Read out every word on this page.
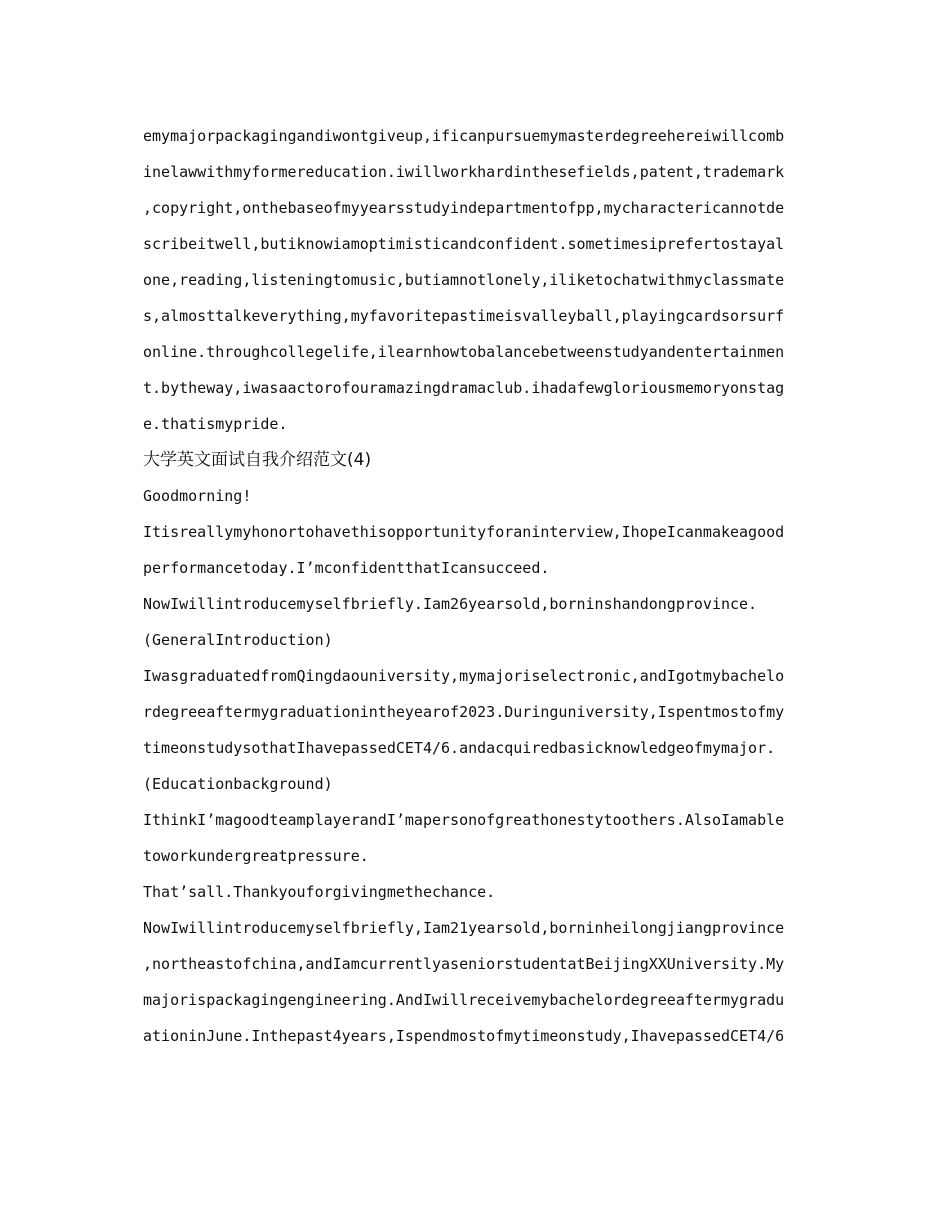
emymajorpackagingandiwontgiveup,ificanpursuemymasterdegreehereiwillcomb
inelawwithmyformereducation.iwillworkhardinthesefields,patent,trademark
,copyright,onthebaseofmyyearsstudyindepartmentofpp,mycharactericannotde
scribeitwell,butiknowiamoptimisticandconfident.sometimesiprefertostayal
one,reading,listeningtomusic,butiamnotlonely,iliketochatwithmyclassmate
s,almosttalkeverything,myfavoritepastimeisvalleyball,playingcardsorsurf
online.throughcollegelife,ilearnhowtobalancebetweenstudyandentertainmen
t.bytheway,iwasaactorofouramazingdramaclub.ihadafewgloriousmemoryonstag
e.thatismypride.
大学英文面试自我介绍范文(4)
Goodmorning!
Itisreallymyhonortohavethisopportunityforaninterview,IhopeIcanmakeagood
performancetoday.I’mconfidentthatIcansucceed.
NowIwillintroducemyselfbriefly.Iam26yearsold,borninshandongprovince.
(GeneralIntroduction)
IwasgraduatedfromQingdaouniversity,mymajoriselectronic,andIgotmybachelo
rdegreeaftermygraduationintheyearof2023.Duringuniversity,Ispentmostofmy
timeonstudysothatIhavepassedCET4/6.andacquiredbasicknowledgeofmymajor.
(Educationbackground)
IthinkI’magoodteamplayerandI’mapersonofgreathonestytoothers.AlsoIamable
toworkundergreatpressure.
That’sall.Thankyouforgivingmethechance.
NowIwillintroducemyselfbriefly,Iam21yearsold,borninheilongjiangprovince
,northeastofchina,andIamcurrentlyaseniorstudentatBeijingXXUniversity.My
majorispackagingengineering.AndIwillreceivemybachelordegreeaftermygradu
ationinJune.Inthepast4years,Ispendmostofmytimeonstudy,IhavepassedCET4/6
